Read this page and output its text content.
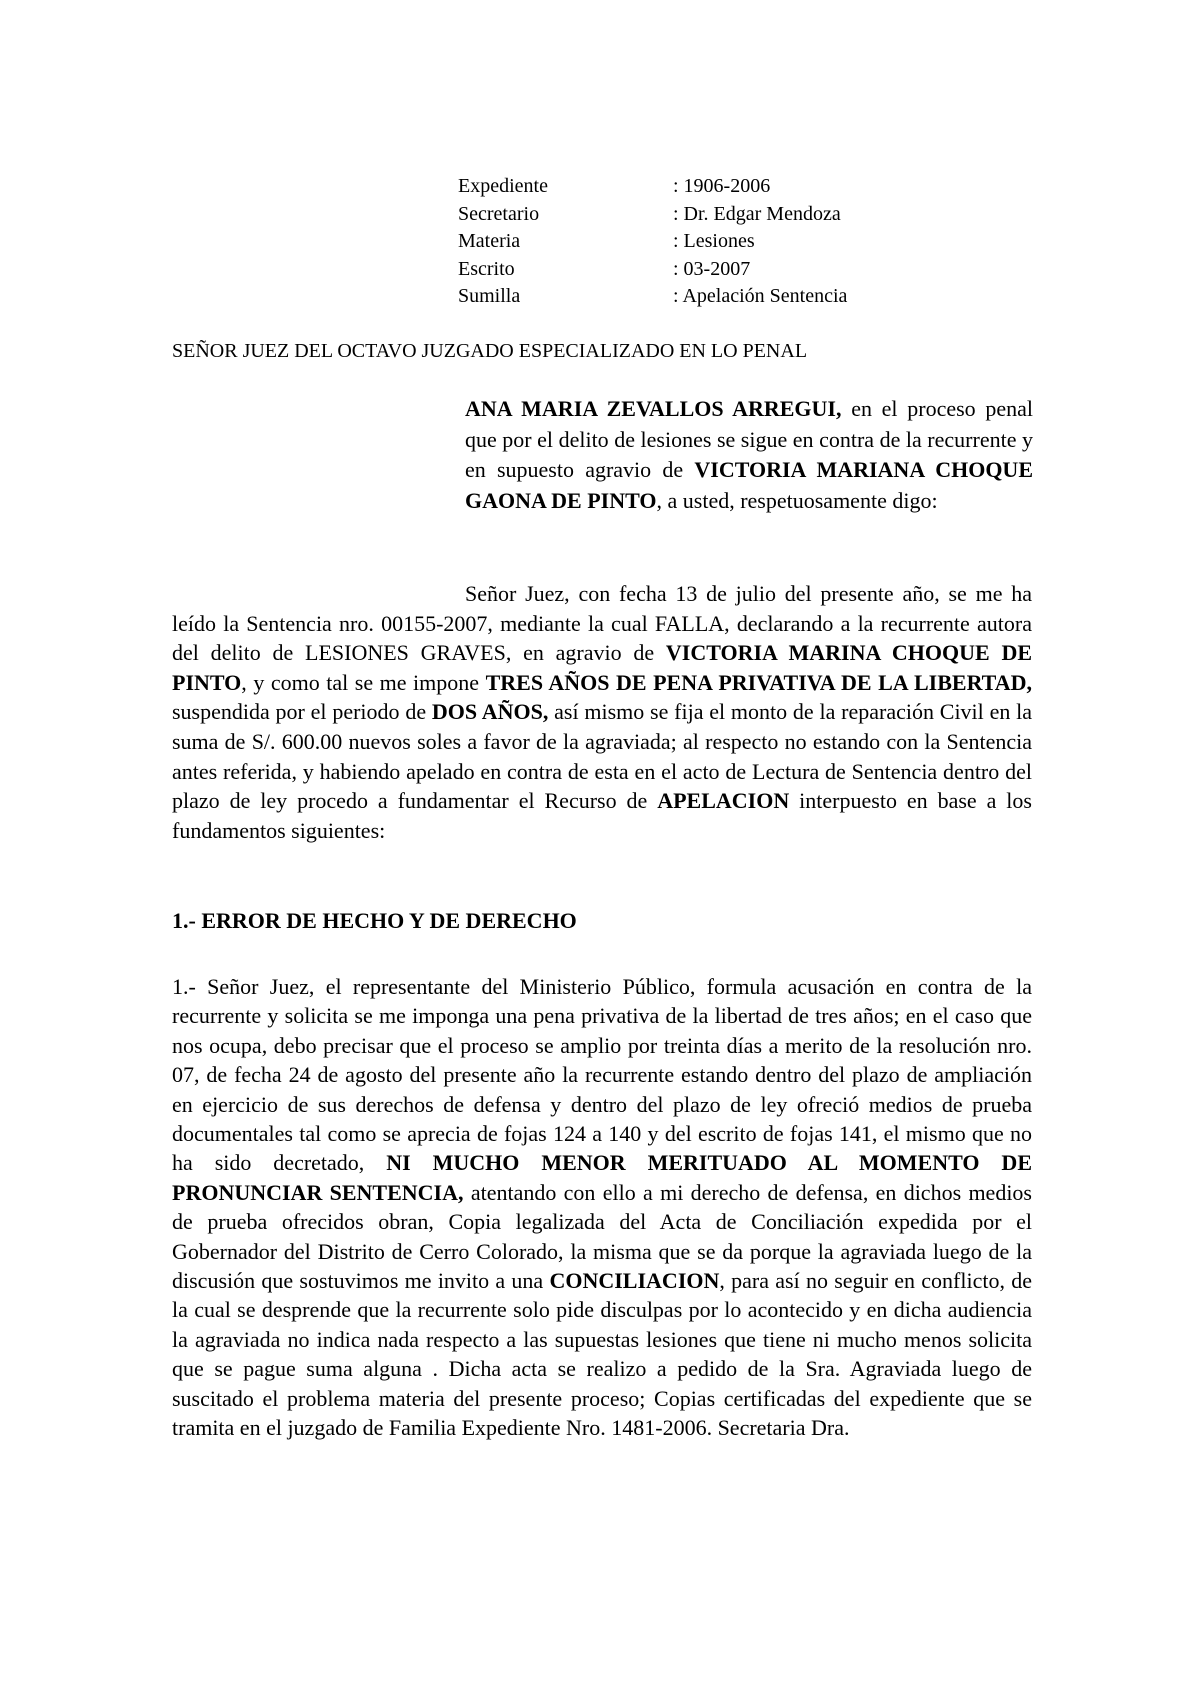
Expediente	: 1906-2006
Secretario	: Dr. Edgar Mendoza
Materia	: Lesiones
Escrito	: 03-2007
Sumilla	: Apelación Sentencia
SEÑOR JUEZ DEL OCTAVO JUZGADO ESPECIALIZADO EN LO PENAL
ANA MARIA ZEVALLOS ARREGUI, en el proceso penal que por el delito de lesiones se sigue en contra de la recurrente y en supuesto agravio de VICTORIA MARIANA CHOQUE GAONA DE PINTO, a usted, respetuosamente digo:
Señor Juez, con fecha 13 de julio del presente año, se me ha leído la Sentencia nro. 00155-2007, mediante la cual FALLA, declarando a la recurrente autora del delito de LESIONES GRAVES, en agravio de VICTORIA MARINA CHOQUE DE PINTO, y como tal se me impone TRES AÑOS DE PENA PRIVATIVA DE LA LIBERTAD, suspendida por el periodo de DOS AÑOS, así mismo se fija el monto de la reparación Civil en la suma de S/. 600.00 nuevos soles a favor de la agraviada; al respecto no estando con la Sentencia antes referida, y habiendo apelado en contra de esta en el acto de Lectura de Sentencia dentro del plazo de ley procedo a fundamentar el Recurso de APELACION interpuesto en base a los fundamentos siguientes:
1.- ERROR DE HECHO Y DE DERECHO
1.- Señor Juez, el representante del Ministerio Público, formula acusación en contra de la recurrente y solicita se me imponga una pena privativa de la libertad de tres años; en el caso que nos ocupa, debo precisar que el proceso se amplio por treinta días a merito de la resolución nro. 07, de fecha 24 de agosto del presente año la recurrente estando dentro del plazo de ampliación en ejercicio de sus derechos de defensa y dentro del plazo de ley ofreció medios de prueba documentales tal como se aprecia de fojas 124 a 140 y del escrito de fojas 141, el mismo que no ha sido decretado, NI MUCHO MENOR MERITUADO AL MOMENTO DE PRONUNCIAR SENTENCIA, atentando con ello a mi derecho de defensa, en dichos medios de prueba ofrecidos obran, Copia legalizada del Acta de Conciliación expedida por el Gobernador del Distrito de Cerro Colorado, la misma que se da porque la agraviada luego de la discusión que sostuvimos me invito a una CONCILIACION, para así no seguir en conflicto, de la cual se desprende que la recurrente solo pide disculpas por lo acontecido y en dicha audiencia la agraviada no indica nada respecto a las supuestas lesiones que tiene ni mucho menos solicita que se pague suma alguna . Dicha acta se realizo a pedido de la Sra. Agraviada luego de suscitado el problema materia del presente proceso; Copias certificadas del expediente que se tramita en el juzgado de Familia Expediente Nro. 1481-2006. Secretaria Dra.
